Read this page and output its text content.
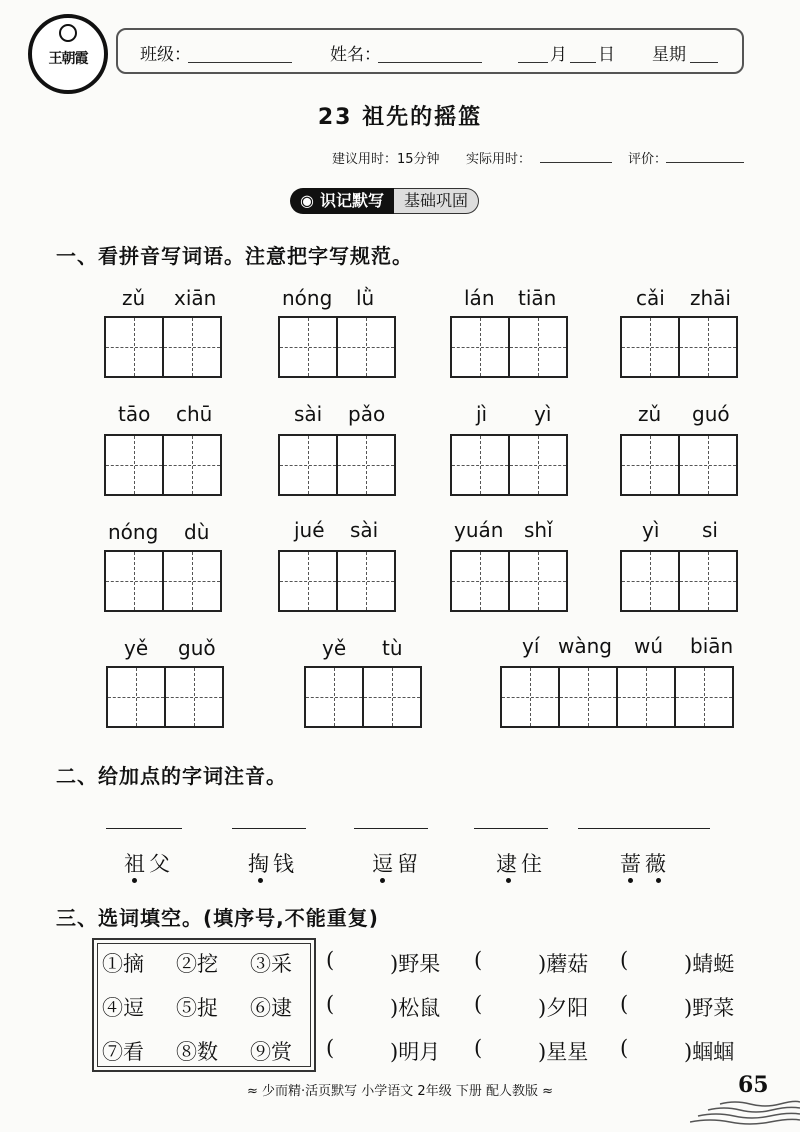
王朝霞	班级：	姓名：	月 日 星期
23 祖先的摇篮
建议用时：15分钟 实际用时：	评价：
◉ 识记默写	基础巩固
一、看拼音写词语。注意把字写规范。
zǔ xiān	nóng lǜ	lán tiān	cǎi zhāi
tāo chū	sài pǎo	jì yì	zǔ guó
nóng dù	jué sài	yuán shǐ	yì si
yě guǒ	yě tù	yí wàng wú biān
二、给加点的字词注音。
祖父	掏钱	逗留	逮住	蔷薇
三、选词填空。(填序号,不能重复)
①摘 ②挖 ③采
④逗 ⑤捉 ⑥逮
⑦看 ⑧数 ⑨赏
(	)野果 (	)蘑菇 (	)蜻蜓
(	)松鼠 (	)夕阳 (	)野菜
(	)明月 (	)星星 (	)蝈蝈
≈ 少而精·活页默写 小学语文 2年级 下册 配人教版 ≈	65
